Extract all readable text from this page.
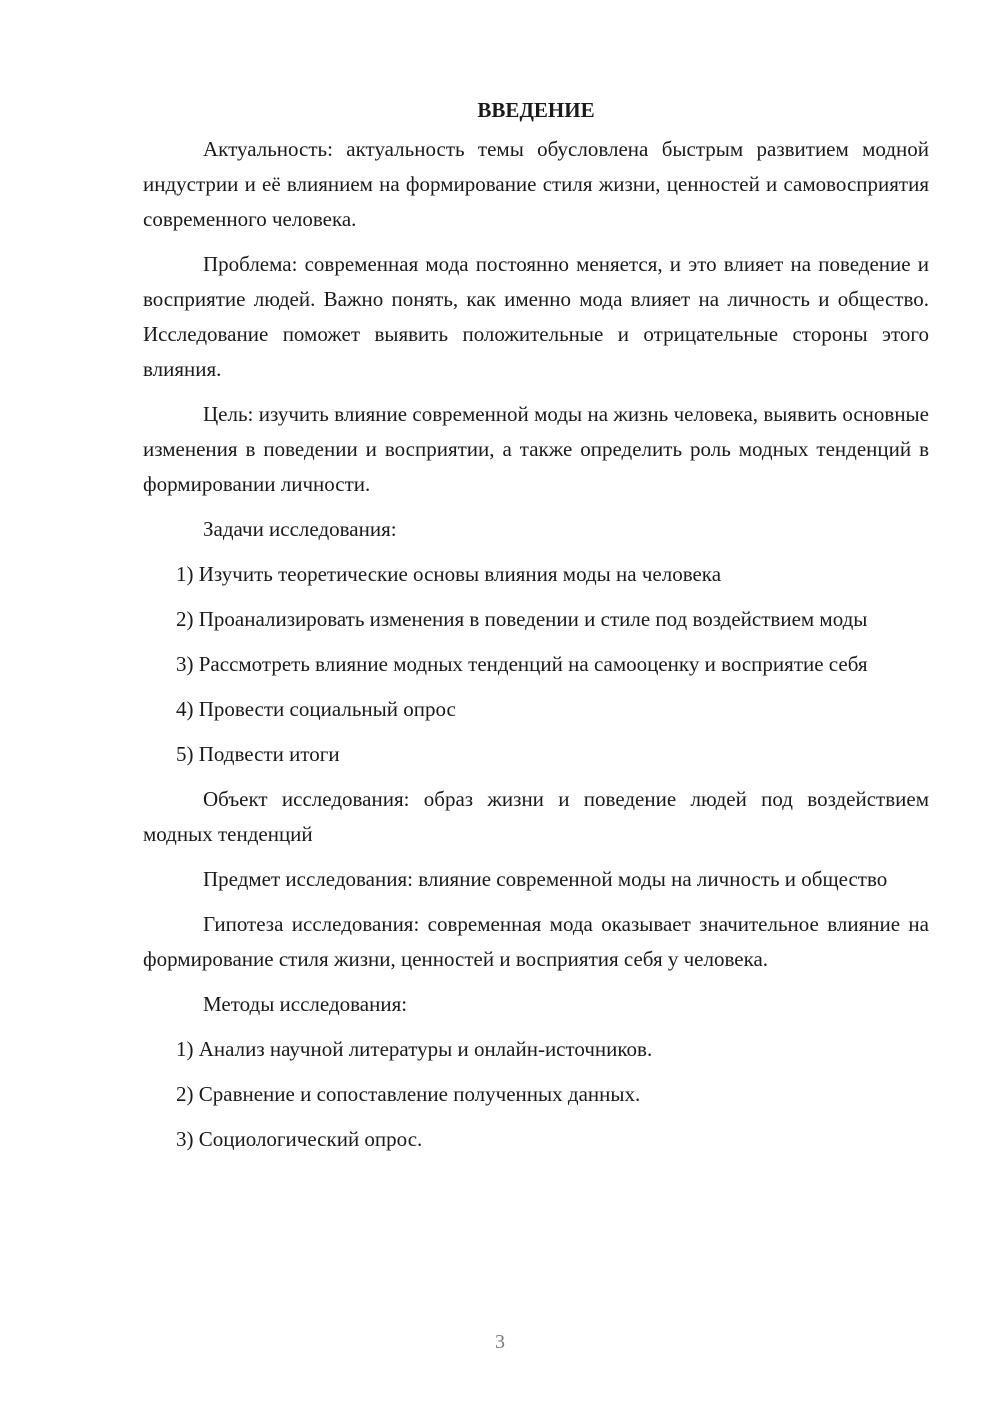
ВВЕДЕНИЕ

Актуальность: актуальность темы обусловлена быстрым развитием модной индустрии и её влиянием на формирование стиля жизни, ценностей и самовосприятия современного человека.

Проблема: современная мода постоянно меняется, и это влияет на поведение и восприятие людей. Важно понять, как именно мода влияет на личность и общество. Исследование поможет выявить положительные и отрицательные стороны этого влияния.

Цель: изучить влияние современной моды на жизнь человека, выявить основные изменения в поведении и восприятии, а также определить роль модных тенденций в формировании личности.

Задачи исследования:

1) Изучить теоретические основы влияния моды на человека

2) Проанализировать изменения в поведении и стиле под воздействием моды

3) Рассмотреть влияние модных тенденций на самооценку и восприятие себя

4) Провести социальный опрос

5) Подвести итоги

Объект исследования: образ жизни и поведение людей под воздействием модных тенденций

Предмет исследования: влияние современной моды на личность и общество

Гипотеза исследования: современная мода оказывает значительное влияние на формирование стиля жизни, ценностей и восприятия себя у человека.

Методы исследования:

1) Анализ научной литературы и онлайн-источников.

2) Сравнение и сопоставление полученных данных.

3) Социологический опрос.

3
